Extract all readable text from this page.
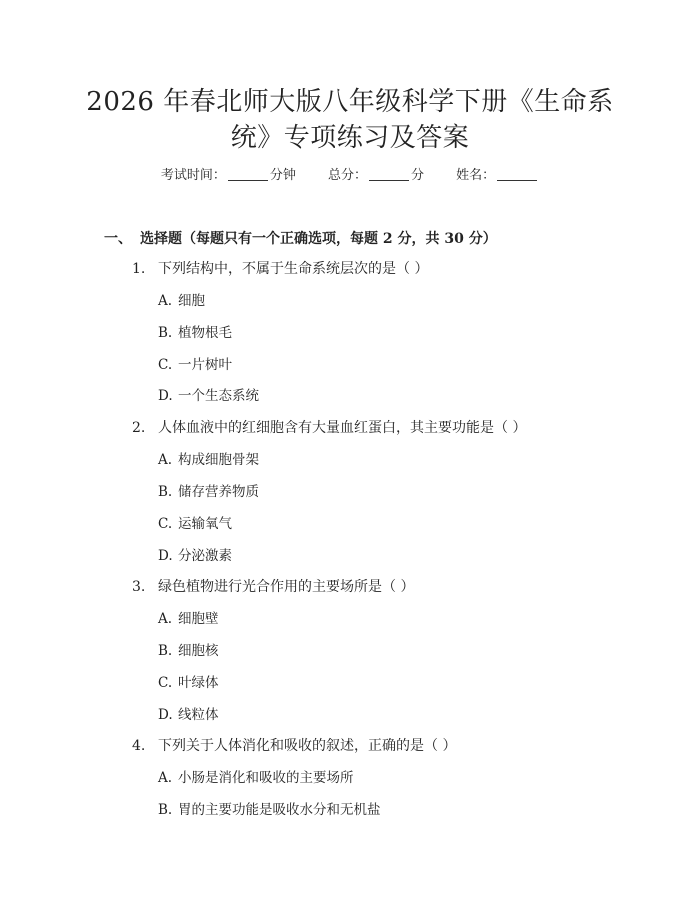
2026 年春北师大版八年级科学下册《生命系
统》专项练习及答案
考试时间：	分钟 总分：	分 姓名：
一、 选择题（每题只有一个正确选项，每题 2 分，共 30 分）
1. 下列结构中，不属于生命系统层次的是（ ）
A. 细胞
B. 植物根毛
C. 一片树叶
D. 一个生态系统
2. 人体血液中的红细胞含有大量血红蛋白，其主要功能是（ ）
A. 构成细胞骨架
B. 储存营养物质
C. 运输氧气
D. 分泌激素
3. 绿色植物进行光合作用的主要场所是（ ）
A. 细胞壁
B. 细胞核
C. 叶绿体
D. 线粒体
4. 下列关于人体消化和吸收的叙述，正确的是（ ）
A. 小肠是消化和吸收的主要场所
B. 胃的主要功能是吸收水分和无机盐
